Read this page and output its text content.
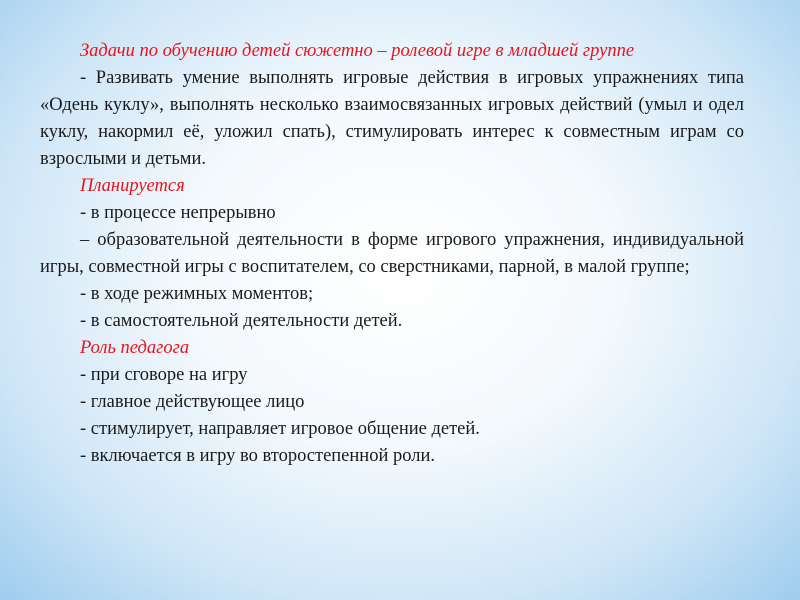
Задачи по обучению детей сюжетно – ролевой игре в младшей группе

- Развивать умение выполнять игровые действия в игровых упражнениях типа «Одень куклу», выполнять несколько взаимосвязанных игровых действий (умыл и одел куклу, накормил её, уложил спать), стимулировать интерес к совместным играм со взрослыми и детьми.

Планируется

- в процессе непрерывно

– образовательной деятельности в форме игрового упражнения, индивидуальной игры, совместной игры с воспитателем, со сверстниками, парной, в малой группе;

- в ходе режимных моментов;

- в самостоятельной деятельности детей.

Роль педагога

- при сговоре на игру

- главное действующее лицо

- стимулирует, направляет игровое общение детей.

- включается в игру во второстепенной роли.
